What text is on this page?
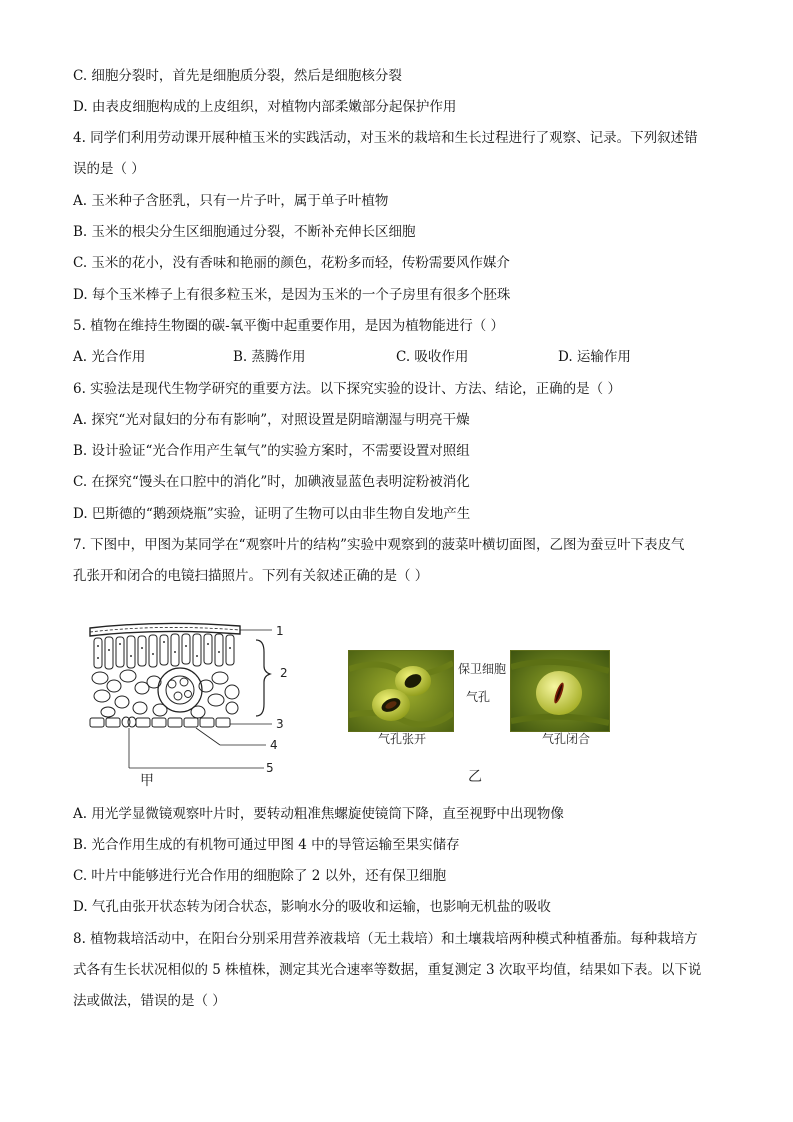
C. 细胞分裂时，首先是细胞质分裂，然后是细胞核分裂
D. 由表皮细胞构成的上皮组织，对植物内部柔嫩部分起保护作用
4. 同学们利用劳动课开展种植玉米的实践活动，对玉米的栽培和生长过程进行了观察、记录。下列叙述错
误的是（ ）
A. 玉米种子含胚乳，只有一片子叶，属于单子叶植物
B. 玉米的根尖分生区细胞通过分裂，不断补充伸长区细胞
C. 玉米的花小，没有香味和艳丽的颜色，花粉多而轻，传粉需要风作媒介
D. 每个玉米棒子上有很多粒玉米，是因为玉米的一个子房里有很多个胚珠
5. 植物在维持生物圈的碳-氧平衡中起重要作用，是因为植物能进行（ ）
A. 光合作用	B. 蒸腾作用	C. 吸收作用	D. 运输作用
6. 实验法是现代生物学研究的重要方法。以下探究实验的设计、方法、结论，正确的是（ ）
A. 探究“光对鼠妇的分布有影响”，对照设置是阴暗潮湿与明亮干燥
B. 设计验证“光合作用产生氧气”的实验方案时，不需要设置对照组
C. 在探究“馒头在口腔中的消化”时，加碘液显蓝色表明淀粉被消化
D. 巴斯德的“鹅颈烧瓶”实验，证明了生物可以由非生物自发地产生
7. 下图中，甲图为某同学在“观察叶片的结构”实验中观察到的菠菜叶横切面图，乙图为蚕豆叶下表皮气
孔张开和闭合的电镜扫描照片。下列有关叙述正确的是（ ）
1
2
3
4
5
甲
气孔张开
保卫细胞
气孔
气孔闭合
乙
A. 用光学显微镜观察叶片时，要转动粗准焦螺旋使镜筒下降，直至视野中出现物像
B. 光合作用生成的有机物可通过甲图 4 中的导管运输至果实储存
C. 叶片中能够进行光合作用的细胞除了 2 以外，还有保卫细胞
D. 气孔由张开状态转为闭合状态，影响水分的吸收和运输，也影响无机盐的吸收
8. 植物栽培活动中，在阳台分别采用营养液栽培（无土栽培）和土壤栽培两种模式种植番茄。每种栽培方
式各有生长状况相似的 5 株植株，测定其光合速率等数据，重复测定 3 次取平均值，结果如下表。以下说
法或做法，错误的是（ ）
